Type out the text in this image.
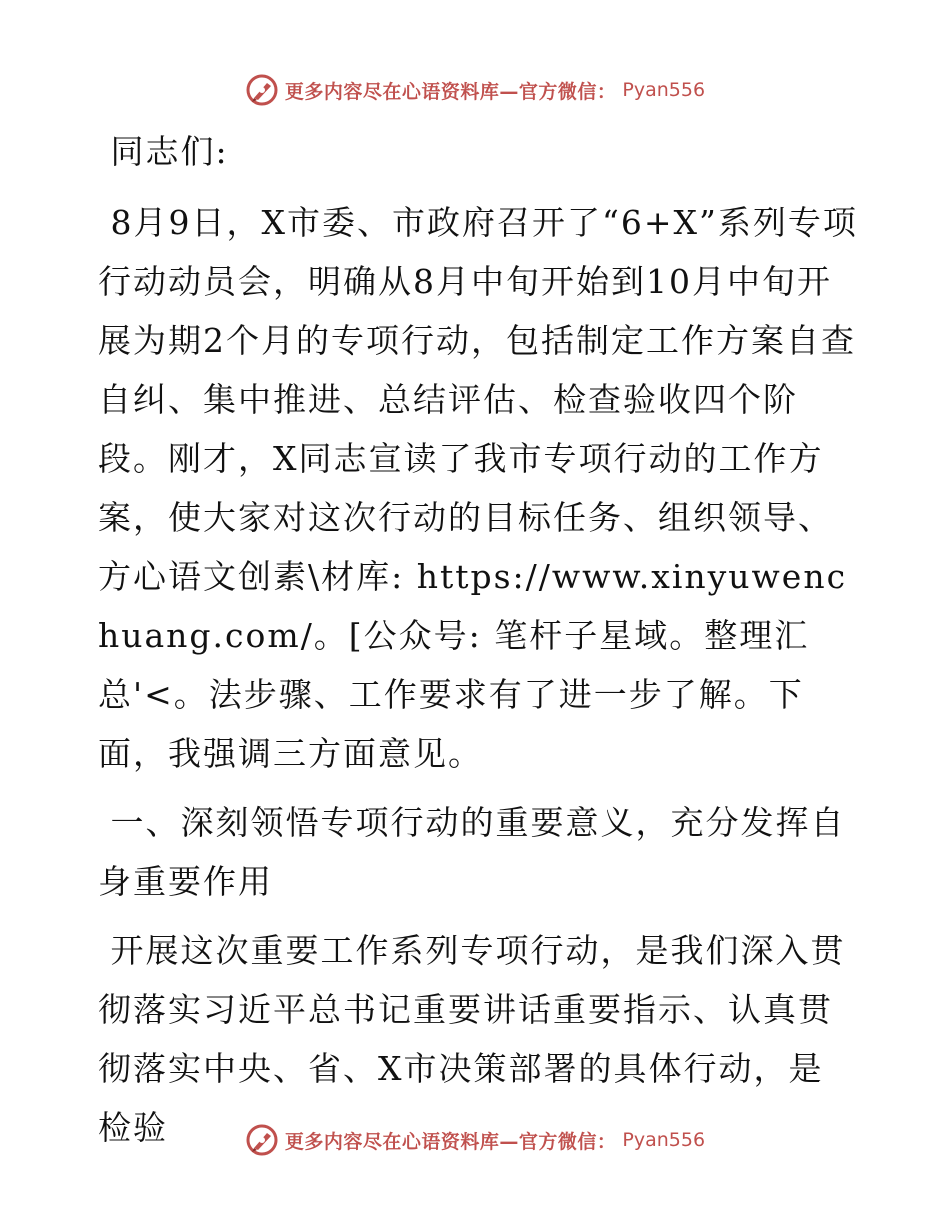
更多内容尽在心语资料库—官方微信： Pyan556

同志们:

8月9日，X市委、市政府召开了“6+X”系列专项行动动员会，明确从8月中旬开始到10月中旬开展为期2个月的专项行动，包括制定工作方案自查自纠、集中推进、总结评估、检查验收四个阶段。刚才，X同志宣读了我市专项行动的工作方案，使大家对这次行动的目标任务、组织领导、方心语文创素\材库: https://www.xinyuwenchuang.com/。[公众号: 笔杆子星域。整理汇总'<。法步骤、工作要求有了进一步了解。下面，我强调三方面意见。

一、深刻领悟专项行动的重要意义，充分发挥自身重要作用

开展这次重要工作系列专项行动，是我们深入贯彻落实习近平总书记重要讲话重要指示、认真贯彻落实中央、省、X市决策部署的具体行动，是检验	更多内容尽在心语资料库—官方微信： Pyan556
